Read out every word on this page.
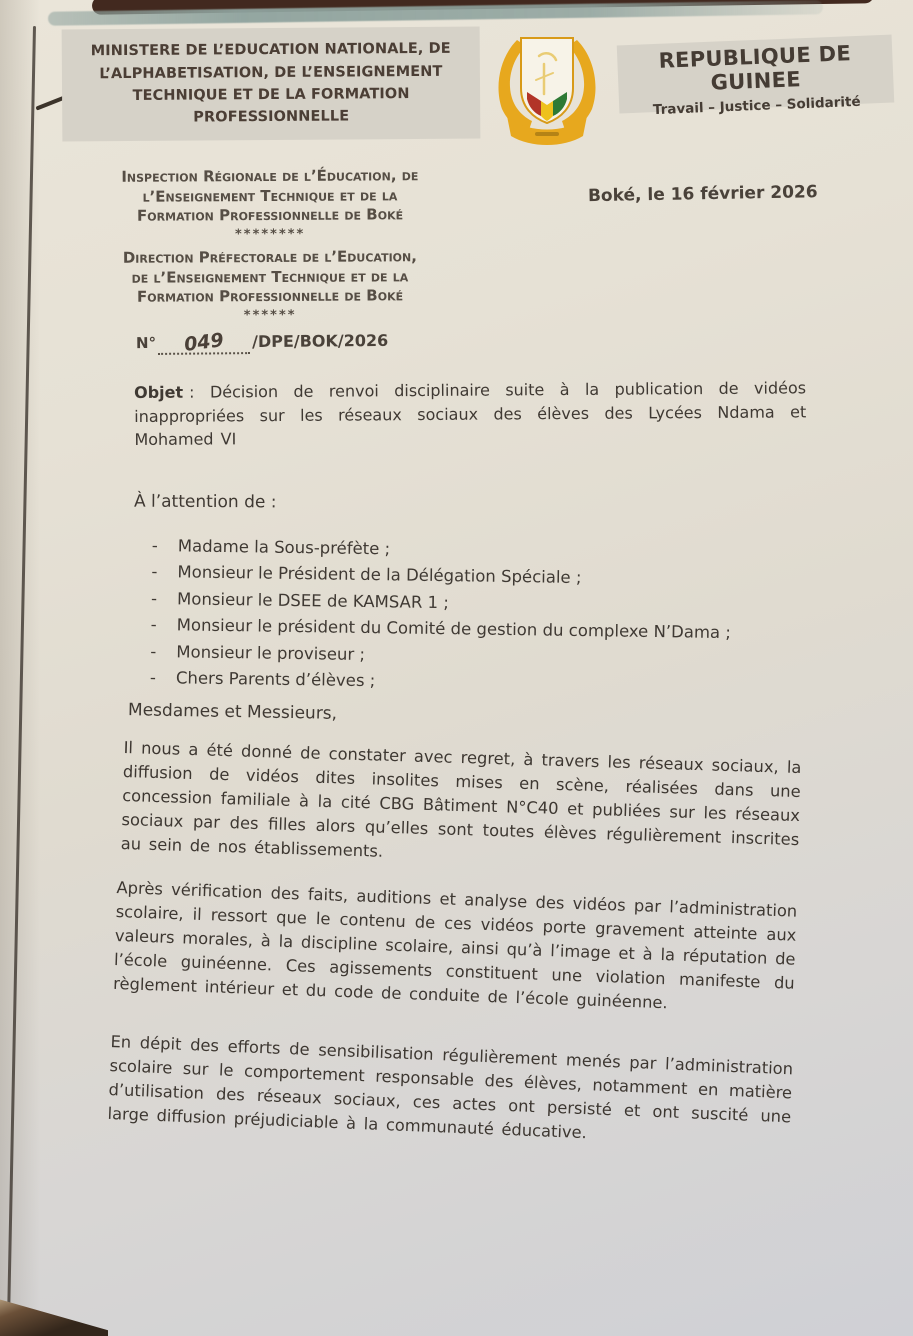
MINISTERE DE L’EDUCATION NATIONALE, DE L’ALPHABETISATION, DE L’ENSEIGNEMENT TECHNIQUE ET DE LA FORMATION PROFESSIONNELLE
REPUBLIQUE DE GUINEE
Travail – Justice – Solidarité
Inspection Régionale de l’Éducation, de
l’Enseignement Technique et de la
Formation Professionnelle de Boké
********
Boké, le 16 février 2026
Direction Préfectorale de l’Education,
de l’Enseignement Technique et de la
Formation Professionnelle de Boké
******
N° 049 /DPE/BOK/2026
Objet : Décision de renvoi disciplinaire suite à la publication de vidéos inappropriées sur les réseaux sociaux des élèves des Lycées Ndama et Mohamed VI
À l’attention de :
-	Madame la Sous-préfète ;
-	Monsieur le Président de la Délégation Spéciale ;
-	Monsieur le DSEE de KAMSAR 1 ;
-	Monsieur le président du Comité de gestion du complexe N’Dama ;
-	Monsieur le proviseur ;
-	Chers Parents d’élèves ;
Mesdames et Messieurs,
Il nous a été donné de constater avec regret, à travers les réseaux sociaux, la diffusion de vidéos dites insolites mises en scène, réalisées dans une concession familiale à la cité CBG Bâtiment N°C40 et publiées sur les réseaux sociaux par des filles alors qu’elles sont toutes élèves régulièrement inscrites au sein de nos établissements.
Après vérification des faits, auditions et analyse des vidéos par l’administration scolaire, il ressort que le contenu de ces vidéos porte gravement atteinte aux valeurs morales, à la discipline scolaire, ainsi qu’à l’image et à la réputation de l’école guinéenne. Ces agissements constituent une violation manifeste du règlement intérieur et du code de conduite de l’école guinéenne.
En dépit des efforts de sensibilisation régulièrement menés par l’administration scolaire sur le comportement responsable des élèves, notamment en matière d’utilisation des réseaux sociaux, ces actes ont persisté et ont suscité une large diffusion préjudiciable à la communauté éducative.
